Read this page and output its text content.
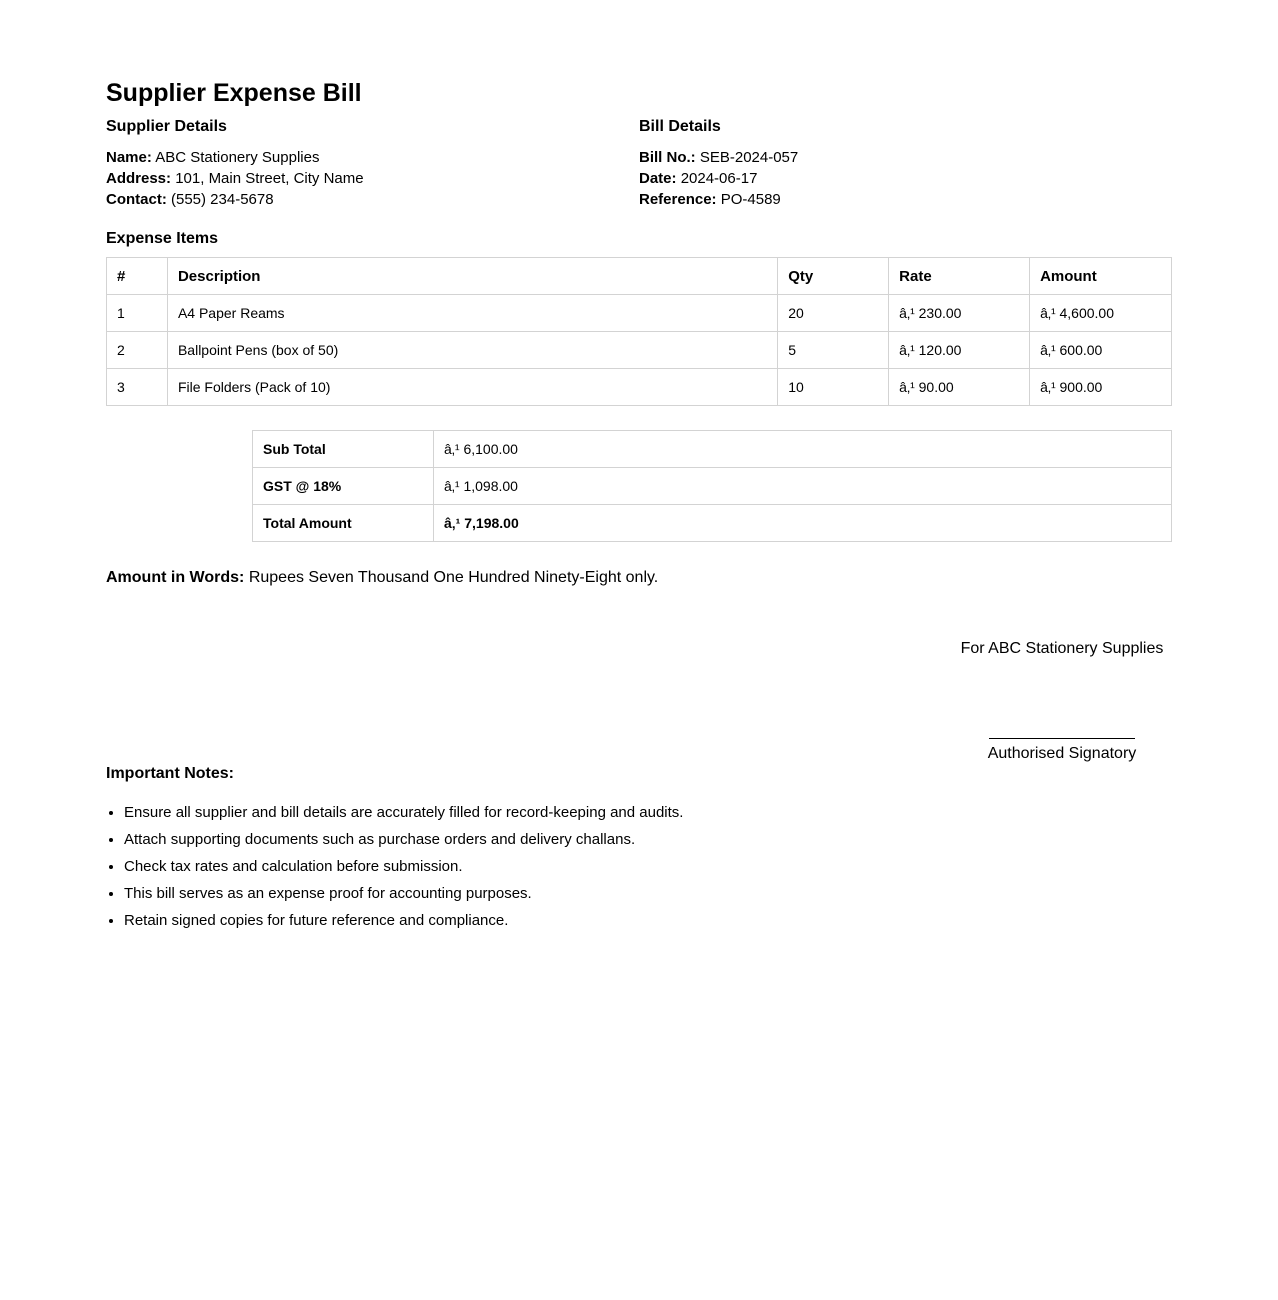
Supplier Expense Bill
Supplier Details
Name: ABC Stationery Supplies
Address: 101, Main Street, City Name
Contact: (555) 234-5678
Bill Details
Bill No.: SEB-2024-057
Date: 2024-06-17
Reference: PO-4589
Expense Items
#	Description	Qty	Rate	Amount
1	A4 Paper Reams	20	â‚¹ 230.00	â‚¹ 4,600.00
2	Ballpoint Pens (box of 50)	5	â‚¹ 120.00	â‚¹ 600.00
3	File Folders (Pack of 10)	10	â‚¹ 90.00	â‚¹ 900.00
Sub Total	â‚¹ 6,100.00
GST @ 18%	â‚¹ 1,098.00
Total Amount	â‚¹ 7,198.00
Amount in Words: Rupees Seven Thousand One Hundred Ninety-Eight only.
For ABC Stationery Supplies
Authorised Signatory
Important Notes:
• Ensure all supplier and bill details are accurately filled for record-keeping and audits.
• Attach supporting documents such as purchase orders and delivery challans.
• Check tax rates and calculation before submission.
• This bill serves as an expense proof for accounting purposes.
• Retain signed copies for future reference and compliance.
